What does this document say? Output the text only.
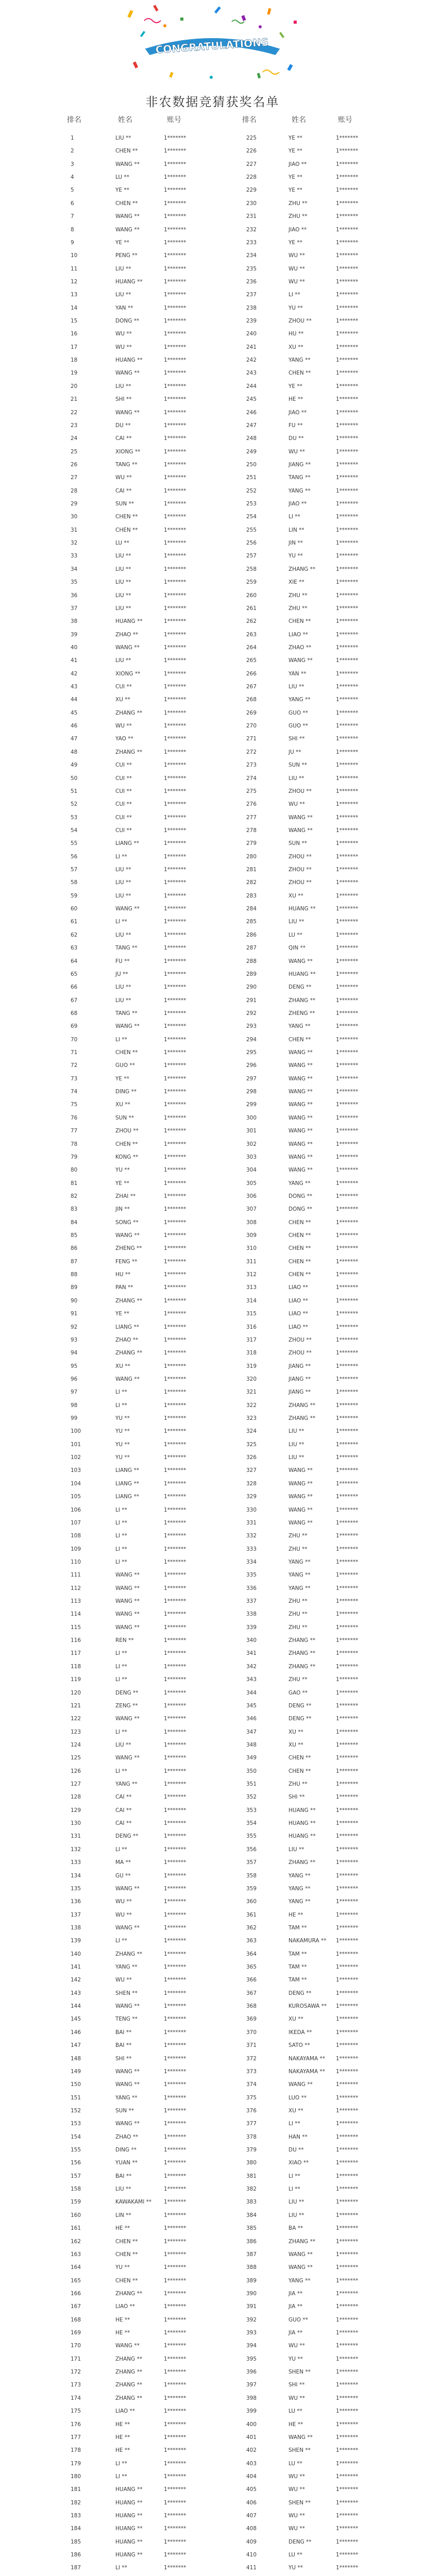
CONGRATULATIONS
非农数据竞猜获奖名单
排名	姓名	账号	排名	姓名	账号
1	LIU **	1*******	225	YE **	1*******
2	CHEN **	1*******	226	YE **	1*******
3	WANG **	1*******	227	JIAO **	1*******
4	LU **	1*******	228	YE **	1*******
5	YE **	1*******	229	YE **	1*******
6	CHEN **	1*******	230	ZHU **	1*******
7	WANG **	1*******	231	ZHU **	1*******
8	WANG **	1*******	232	JIAO **	1*******
9	YE **	1*******	233	YE **	1*******
10	PENG **	1*******	234	WU **	1*******
11	LIU **	1*******	235	WU **	1*******
12	HUANG **	1*******	236	WU **	1*******
13	LIU **	1*******	237	LI **	1*******
14	YAN **	1*******	238	YU **	1*******
15	DONG **	1*******	239	ZHOU **	1*******
16	WU **	1*******	240	HU **	1*******
17	WU **	1*******	241	XU **	1*******
18	HUANG **	1*******	242	YANG **	1*******
19	WANG **	1*******	243	CHEN **	1*******
20	LIU **	1*******	244	YE **	1*******
21	SHI **	1*******	245	HE **	1*******
22	WANG **	1*******	246	JIAO **	1*******
23	DU **	1*******	247	FU **	1*******
24	CAI **	1*******	248	DU **	1*******
25	XIONG **	1*******	249	WU **	1*******
26	TANG **	1*******	250	JIANG **	1*******
27	WU **	1*******	251	TANG **	1*******
28	CAI **	1*******	252	YANG **	1*******
29	SUN **	1*******	253	JIAO **	1*******
30	CHEN **	1*******	254	LI **	1*******
31	CHEN **	1*******	255	LIN **	1*******
32	LU **	1*******	256	JIN **	1*******
33	LIU **	1*******	257	YU **	1*******
34	LIU **	1*******	258	ZHANG **	1*******
35	LIU **	1*******	259	XIE **	1*******
36	LIU **	1*******	260	ZHU **	1*******
37	LIU **	1*******	261	ZHU **	1*******
38	HUANG **	1*******	262	CHEN **	1*******
39	ZHAO **	1*******	263	LIAO **	1*******
40	WANG **	1*******	264	ZHAO **	1*******
41	LIU **	1*******	265	WANG **	1*******
42	XIONG **	1*******	266	YAN **	1*******
43	CUI **	1*******	267	LIU **	1*******
44	XU **	1*******	268	YANG **	1*******
45	ZHANG **	1*******	269	GUO **	1*******
46	WU **	1*******	270	GUO **	1*******
47	YAO **	1*******	271	SHI **	1*******
48	ZHANG **	1*******	272	JU **	1*******
49	CUI **	1*******	273	SUN **	1*******
50	CUI **	1*******	274	LIU **	1*******
51	CUI **	1*******	275	ZHOU **	1*******
52	CUI **	1*******	276	WU **	1*******
53	CUI **	1*******	277	WANG **	1*******
54	CUI **	1*******	278	WANG **	1*******
55	LIANG **	1*******	279	SUN **	1*******
56	LI **	1*******	280	ZHOU **	1*******
57	LIU **	1*******	281	ZHOU **	1*******
58	LIU **	1*******	282	ZHOU **	1*******
59	LIU **	1*******	283	XU **	1*******
60	WANG **	1*******	284	HUANG **	1*******
61	LI **	1*******	285	LIU **	1*******
62	LIU **	1*******	286	LU **	1*******
63	TANG **	1*******	287	QIN **	1*******
64	FU **	1*******	288	WANG **	1*******
65	JU **	1*******	289	HUANG **	1*******
66	LIU **	1*******	290	DENG **	1*******
67	LIU **	1*******	291	ZHANG **	1*******
68	TANG **	1*******	292	ZHENG **	1*******
69	WANG **	1*******	293	YANG **	1*******
70	LI **	1*******	294	CHEN **	1*******
71	CHEN **	1*******	295	WANG **	1*******
72	GUO **	1*******	296	WANG **	1*******
73	YE **	1*******	297	WANG **	1*******
74	DING **	1*******	298	WANG **	1*******
75	XU **	1*******	299	WANG **	1*******
76	SUN **	1*******	300	WANG **	1*******
77	ZHOU **	1*******	301	WANG **	1*******
78	CHEN **	1*******	302	WANG **	1*******
79	KONG **	1*******	303	WANG **	1*******
80	YU **	1*******	304	WANG **	1*******
81	YE **	1*******	305	YANG **	1*******
82	ZHAI **	1*******	306	DONG **	1*******
83	JIN **	1*******	307	DONG **	1*******
84	SONG **	1*******	308	CHEN **	1*******
85	WANG **	1*******	309	CHEN **	1*******
86	ZHENG **	1*******	310	CHEN **	1*******
87	FENG **	1*******	311	CHEN **	1*******
88	HU **	1*******	312	CHEN **	1*******
89	PAN **	1*******	313	LIAO **	1*******
90	ZHANG **	1*******	314	LIAO **	1*******
91	YE **	1*******	315	LIAO **	1*******
92	LIANG **	1*******	316	LIAO **	1*******
93	ZHAO **	1*******	317	ZHOU **	1*******
94	ZHANG **	1*******	318	ZHOU **	1*******
95	XU **	1*******	319	JIANG **	1*******
96	WANG **	1*******	320	JIANG **	1*******
97	LI **	1*******	321	JIANG **	1*******
98	LI **	1*******	322	ZHANG **	1*******
99	YU **	1*******	323	ZHANG **	1*******
100	YU **	1*******	324	LIU **	1*******
101	YU **	1*******	325	LIU **	1*******
102	YU **	1*******	326	LIU **	1*******
103	LIANG **	1*******	327	WANG **	1*******
104	LIANG **	1*******	328	WANG **	1*******
105	LIANG **	1*******	329	WANG **	1*******
106	LI **	1*******	330	WANG **	1*******
107	LI **	1*******	331	WANG **	1*******
108	LI **	1*******	332	ZHU **	1*******
109	LI **	1*******	333	ZHU **	1*******
110	LI **	1*******	334	YANG **	1*******
111	WANG **	1*******	335	YANG **	1*******
112	WANG **	1*******	336	YANG **	1*******
113	WANG **	1*******	337	ZHU **	1*******
114	WANG **	1*******	338	ZHU **	1*******
115	WANG **	1*******	339	ZHU **	1*******
116	REN **	1*******	340	ZHANG **	1*******
117	LI **	1*******	341	ZHANG **	1*******
118	LI **	1*******	342	ZHANG **	1*******
119	LI **	1*******	343	ZHU **	1*******
120	DENG **	1*******	344	GAO **	1*******
121	ZENG **	1*******	345	DENG **	1*******
122	WANG **	1*******	346	DENG **	1*******
123	LI **	1*******	347	XU **	1*******
124	LIU **	1*******	348	XU **	1*******
125	WANG **	1*******	349	CHEN **	1*******
126	LI **	1*******	350	CHEN **	1*******
127	YANG **	1*******	351	ZHU **	1*******
128	CAI **	1*******	352	SHI **	1*******
129	CAI **	1*******	353	HUANG **	1*******
130	CAI **	1*******	354	HUANG **	1*******
131	DENG **	1*******	355	HUANG **	1*******
132	LI **	1*******	356	LIU **	1*******
133	MA **	1*******	357	ZHANG **	1*******
134	GU **	1*******	358	YANG **	1*******
135	WANG **	1*******	359	YANG **	1*******
136	WU **	1*******	360	YANG **	1*******
137	WU **	1*******	361	HE **	1*******
138	WANG **	1*******	362	TAM **	1*******
139	LI **	1*******	363	NAKAMURA ** 1*******
140	ZHANG **	1*******	364	TAM **	1*******
141	YANG **	1*******	365	TAM **	1*******
142	WU **	1*******	366	TAM **	1*******
143	SHEN **	1*******	367	DENG **	1*******
144	WANG **	1*******	368	KUROSAWA ** 1*******
145	TENG **	1*******	369	XU **	1*******
146	BAI **	1*******	370	IKEDA **	1*******
147	BAI **	1*******	371	SATO **	1*******
148	SHI **	1*******	372	NAKAYAMA ** 1*******
149	WANG **	1*******	373	NAKAYAMA ** 1*******
150	WANG **	1*******	374	WANG **	1*******
151	YANG **	1*******	375	LUO **	1*******
152	SUN **	1*******	376	XU **	1*******
153	WANG **	1*******	377	LI **	1*******
154	ZHAO **	1*******	378	HAN **	1*******
155	DING **	1*******	379	DU **	1*******
156	YUAN **	1*******	380	XIAO **	1*******
157	BAI **	1*******	381	LI **	1*******
158	LIU **	1*******	382	LI **	1*******
159	KAWAKAMI ** 1*******	383	LIU **	1*******
160	LIN **	1*******	384	LIU **	1*******
161	HE **	1*******	385	BA **	1*******
162	CHEN **	1*******	386	ZHANG **	1*******
163	CHEN **	1*******	387	WANG **	1*******
164	YU **	1*******	388	WANG **	1*******
165	CHEN **	1*******	389	YANG **	1*******
166	ZHANG **	1*******	390	JIA **	1*******
167	LIAO **	1*******	391	JIA **	1*******
168	HE **	1*******	392	GUO **	1*******
169	HE **	1*******	393	JIA **	1*******
170	WANG **	1*******	394	WU **	1*******
171	ZHANG **	1*******	395	YU **	1*******
172	ZHANG **	1*******	396	SHEN **	1*******
173	ZHANG **	1*******	397	SHI **	1*******
174	ZHANG **	1*******	398	WU **	1*******
175	LIAO **	1*******	399	LU **	1*******
176	HE **	1*******	400	HE **	1*******
177	HE **	1*******	401	WANG **	1*******
178	HE **	1*******	402	SHEN **	1*******
179	LI **	1*******	403	LU **	1*******
180	LI **	1*******	404	WU **	1*******
181	HUANG **	1*******	405	WU **	1*******
182	HUANG **	1*******	406	SHEN **	1*******
183	HUANG **	1*******	407	WU **	1*******
184	HUANG **	1*******	408	WU **	1*******
185	HUANG **	1*******	409	DENG **	1*******
186	HUANG **	1*******	410	LU **	1*******
187	LI **	1*******	411	YU **	1*******
